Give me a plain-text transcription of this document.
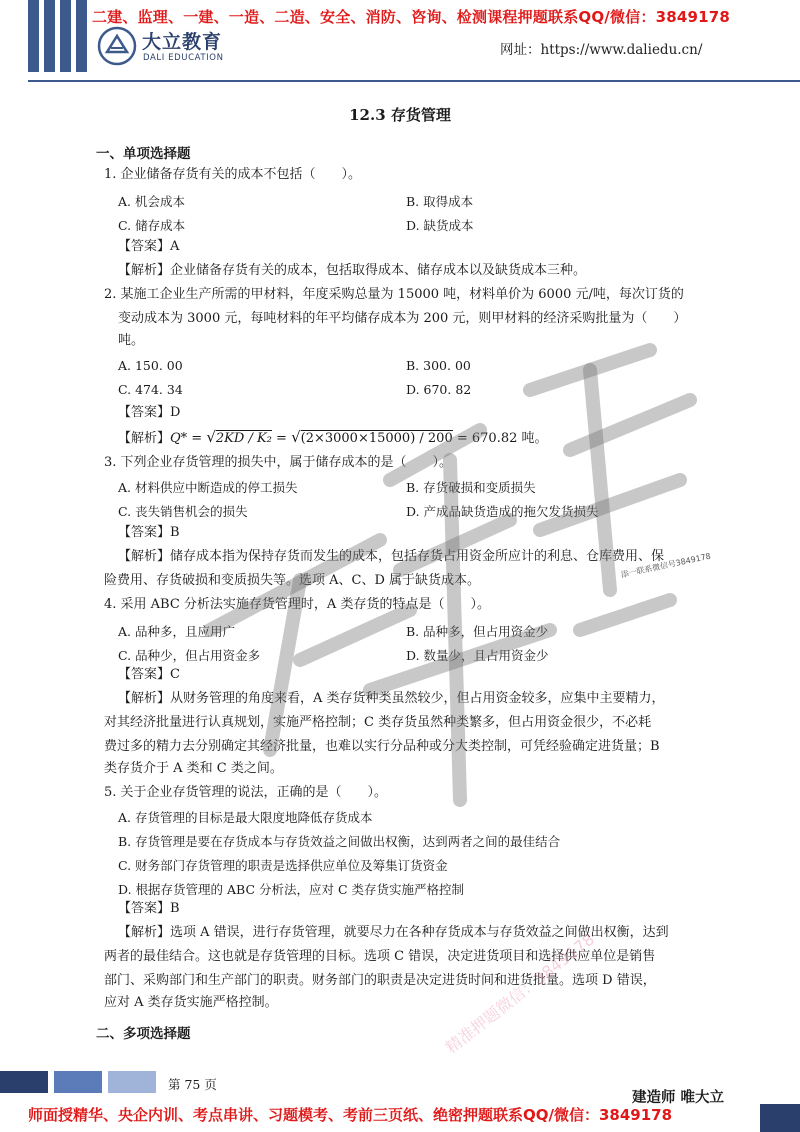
二建、监理、一建、一造、二造、安全、消防、咨询、检测课程押题联系QQ/微信：3849178
大立教育
DALI EDUCATION	网址：https://www.daliedu.cn/
12.3 存货管理
一、单项选择题
1. 企业储备存货有关的成本不包括（　　）。
A. 机会成本	B. 取得成本
C. 储存成本	D. 缺货成本
【答案】A
【解析】企业储备存货有关的成本，包括取得成本、储存成本以及缺货成本三种。
2. 某施工企业生产所需的甲材料，年度采购总量为 15000 吨，材料单价为 6000 元/吨，每次订货的
变动成本为 3000 元，每吨材料的年平均储存成本为 200 元，则甲材料的经济采购批量为（　　）
吨。
A. 150. 00	B. 300. 00
C. 474. 34	D. 670. 82
【答案】D
【解析】Q* = √2KD / K₂ = √(2×3000×15000) / 200 = 670.82 吨。
3. 下列企业存货管理的损失中，属于储存成本的是（　　）。
A. 材料供应中断造成的停工损失	B. 存货破损和变质损失
C. 丧失销售机会的损失	D. 产成品缺货造成的拖欠发货损失
【答案】B
【解析】储存成本指为保持存货而发生的成本，包括存货占用资金所应计的利息、仓库费用、保
险费用、存货破损和变质损失等。选项 A、C、D 属于缺货成本。
4. 采用 ABC 分析法实施存货管理时，A 类存货的特点是（　　）。
A. 品种多，且应用广	B. 品种多，但占用资金少
C. 品种少，但占用资金多	D. 数量少，且占用资金少
【答案】C
【解析】从财务管理的角度来看，A 类存货种类虽然较少，但占用资金较多，应集中主要精力，
对其经济批量进行认真规划，实施严格控制；C 类存货虽然种类繁多，但占用资金很少，不必耗
费过多的精力去分别确定其经济批量，也难以实行分品种或分大类控制，可凭经验确定进货量；B
类存货介于 A 类和 C 类之间。
5. 关于企业存货管理的说法，正确的是（　　）。
A. 存货管理的目标是最大限度地降低存货成本
B. 存货管理是要在存货成本与存货效益之间做出权衡，达到两者之间的最佳结合
C. 财务部门存货管理的职责是选择供应单位及筹集订货资金
D. 根据存货管理的 ABC 分析法，应对 C 类存货实施严格控制
【答案】B
【解析】选项 A 错误，进行存货管理，就要尽力在各种存货成本与存货效益之间做出权衡，达到
两者的最佳结合。这也就是存货管理的目标。选项 C 错误，决定进货项目和选择供应单位是销售
部门、采购部门和生产部门的职责。财务部门的职责是决定进货时间和进货批量。选项 D 错误，
应对 A 类存货实施严格控制。
二、多项选择题
添一联系微信号3849178
精准押题微信：3849178
第 75 页
建造师 唯大立
师面授精华、央企内训、考点串讲、习题模考、考前三页纸、绝密押题联系QQ/微信：3849178
